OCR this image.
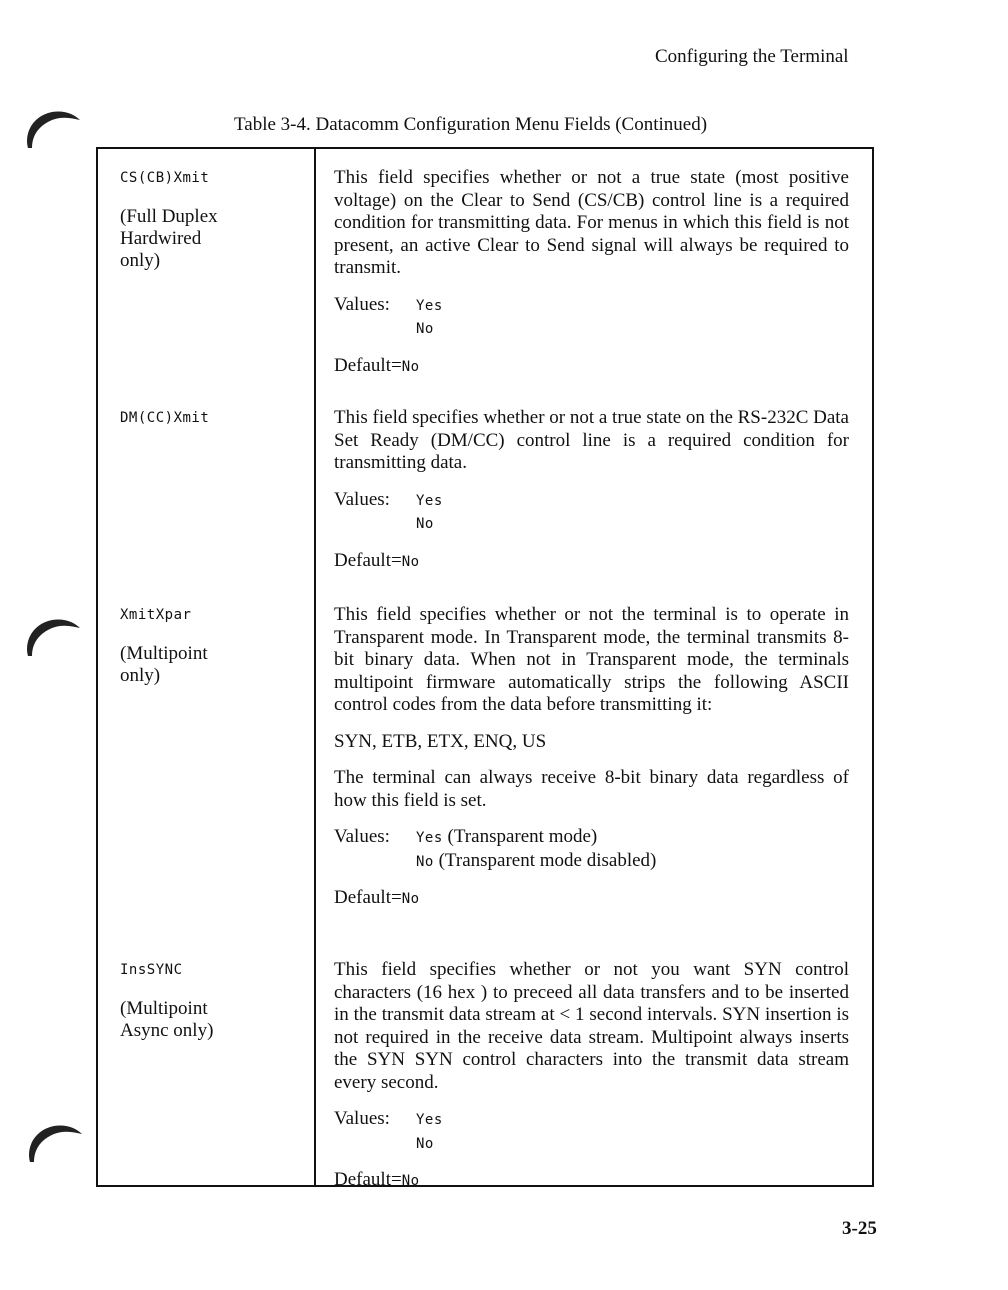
Configuring the Terminal
Table 3-4. Datacomm Configuration Menu Fields (Continued)
CS(CB)Xmit
(Full Duplex
Hardwired
only)
This field specifies whether or not a true state (most positive voltage) on the Clear to Send (CS/CB) control line is a required condition for transmitting data. For menus in which this field is not present, an active Clear to Send signal will always be required to transmit.
Values: Yes
No
Default=No
DM(CC)Xmit	This field specifies whether or not a true state on the RS-232C Data Set Ready (DM/CC) control line is a required condition for transmitting data.
Values: Yes
No
Default=No
XmitXpar
(Multipoint
only)
This field specifies whether or not the terminal is to operate in Transparent mode. In Transparent mode, the terminal transmits 8-bit binary data. When not in Transparent mode, the terminals multipoint firmware automatically strips the following ASCII control codes from the data before transmitting it:
SYN, ETB, ETX, ENQ, US
The terminal can always receive 8-bit binary data regardless of how this field is set.
Values: Yes (Transparent mode)
No (Transparent mode disabled)
Default=No
InsSYNC
(Multipoint
Async only)
This field specifies whether or not you want SYN control characters (16 hex ) to preceed all data transfers and to be inserted in the transmit data stream at < 1 second intervals. SYN insertion is not required in the receive data stream. Multipoint always inserts the SYN SYN control characters into the transmit data stream every second.
Values: Yes
No
Default=No
3-25
